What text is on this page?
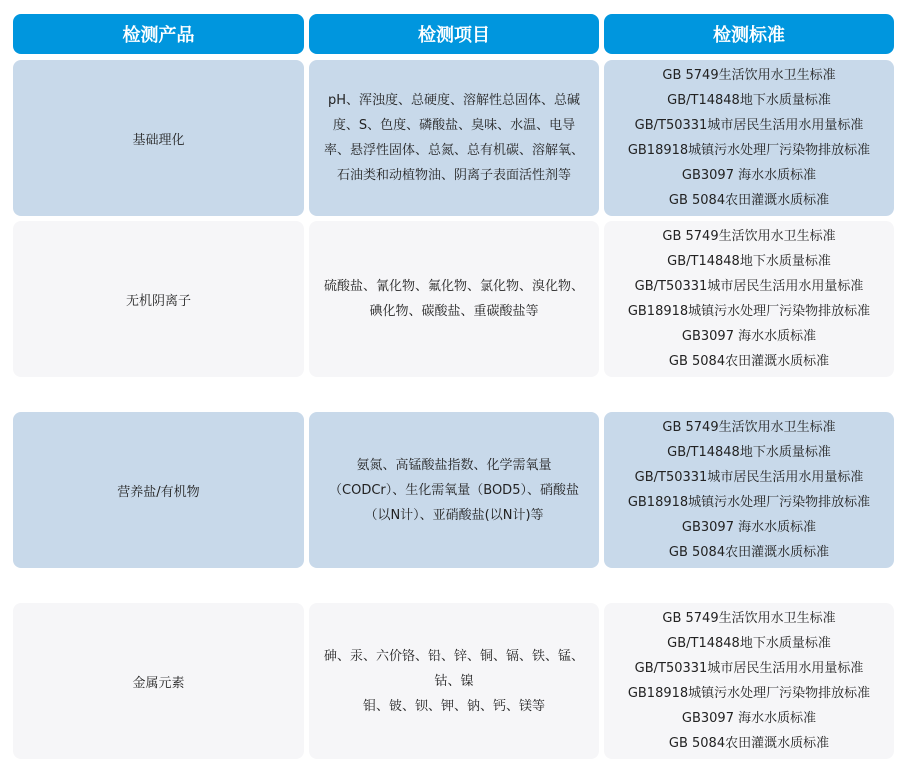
检测产品	检测项目	检测标准
基础理化
pH、浑浊度、总硬度、溶解性总固体、总碱
度、S、色度、磷酸盐、臭味、水温、电导
率、悬浮性固体、总氮、总有机碳、溶解氧、
石油类和动植物油、阴离子表面活性剂等
GB 5749生活饮用水卫生标准
GB/T14848地下水质量标准
GB/T50331城市居民生活用水用量标准
GB18918城镇污水处理厂污染物排放标准
GB3097 海水水质标准
GB 5084农田灌溉水质标准
无机阴离子
硫酸盐、氰化物、氟化物、氯化物、溴化物、
碘化物、碳酸盐、重碳酸盐等
GB 5749生活饮用水卫生标准
GB/T14848地下水质量标准
GB/T50331城市居民生活用水用量标准
GB18918城镇污水处理厂污染物排放标准
GB3097 海水水质标准
GB 5084农田灌溉水质标准
营养盐/有机物
氨氮、高锰酸盐指数、化学需氧量
（CODCr）、生化需氧量（BOD5）、硝酸盐
（以N计）、亚硝酸盐(以N计)等
GB 5749生活饮用水卫生标准
GB/T14848地下水质量标准
GB/T50331城市居民生活用水用量标准
GB18918城镇污水处理厂污染物排放标准
GB3097 海水水质标准
GB 5084农田灌溉水质标准
金属元素
砷、汞、六价铬、铅、锌、铜、镉、铁、锰、
钴、镍
钼、铍、钡、钾、钠、钙、镁等
GB 5749生活饮用水卫生标准
GB/T14848地下水质量标准
GB/T50331城市居民生活用水用量标准
GB18918城镇污水处理厂污染物排放标准
GB3097 海水水质标准
GB 5084农田灌溉水质标准
